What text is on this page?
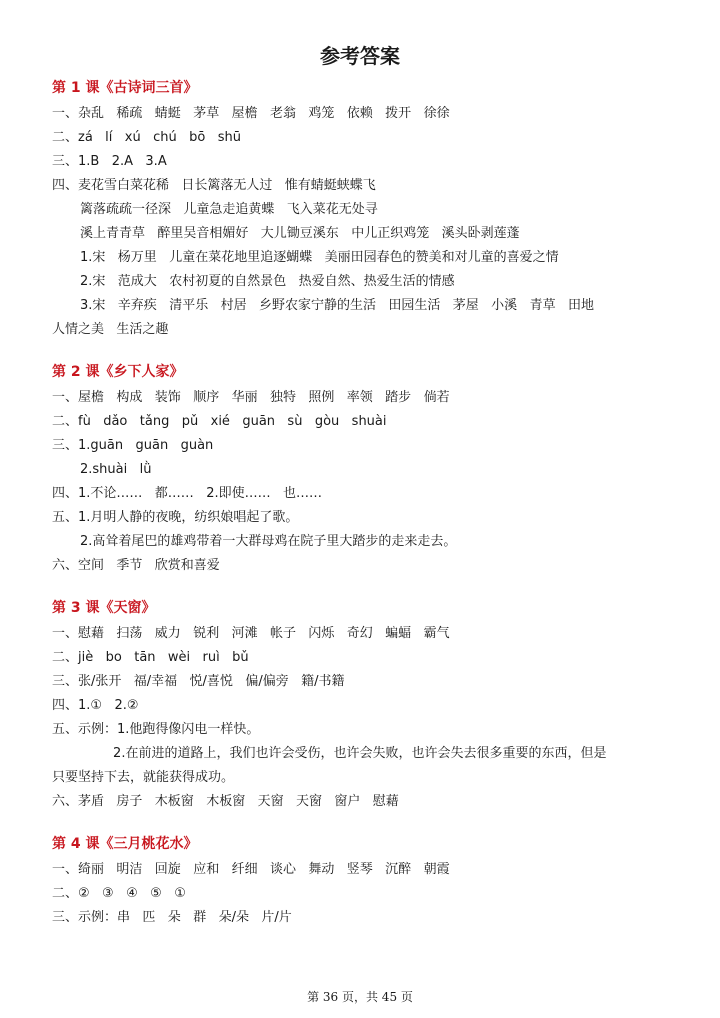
参考答案
第 1 课《古诗词三首》
一、杂乱   稀疏   蜻蜓   茅草   屋檐   老翁   鸡笼   依赖   拨开   徐徐
二、zá   lí   xú   chú   bō   shū
三、1.B   2.A   3.A
四、麦花雪白菜花稀   日长篱落无人过   惟有蜻蜓蛱蝶飞
篱落疏疏一径深   儿童急走追黄蝶   飞入菜花无处寻
溪上青青草   醉里吴音相媚好   大儿锄豆溪东   中儿正织鸡笼   溪头卧剥莲蓬
1.宋   杨万里   儿童在菜花地里追逐蝴蝶   美丽田园春色的赞美和对儿童的喜爱之情
2.宋   范成大   农村初夏的自然景色   热爱自然、热爱生活的情感
3.宋   辛弃疾   清平乐   村居   乡野农家宁静的生活   田园生活   茅屋   小溪   青草   田地
人情之美   生活之趣
第 2 课《乡下人家》
一、屋檐   构成   装饰   顺序   华丽   独特   照例   率领   踏步   倘若
二、fù   dǎo   tǎng   pǔ   xié   guān   sù   gòu   shuài
三、1.guān   guān   guàn
2.shuài   lǜ
四、1.不论……   都……   2.即使……   也……
五、1.月明人静的夜晚，纺织娘唱起了歌。
2.高耸着尾巴的雄鸡带着一大群母鸡在院子里大踏步的走来走去。
六、空间   季节   欣赏和喜爱
第 3 课《天窗》
一、慰藉   扫荡   威力   锐利   河滩   帐子   闪烁   奇幻   蝙蝠   霸气
二、jiè   bo   tān   wèi   ruì   bǔ
三、张/张开   福/幸福   悦/喜悦   偏/偏旁   籍/书籍
四、1.①   2.②
五、示例：1.他跑得像闪电一样快。
2.在前进的道路上，我们也许会受伤，也许会失败，也许会失去很多重要的东西，但是
只要坚持下去，就能获得成功。
六、茅盾   房子   木板窗   木板窗   天窗   天窗   窗户   慰藉
第 4 课《三月桃花水》
一、绮丽   明洁   回旋   应和   纤细   谈心   舞动   竖琴   沉醉   朝霞
二、②   ③   ④   ⑤   ①
三、示例：串   匹   朵   群   朵/朵   片/片
第 36 页，共 45 页
